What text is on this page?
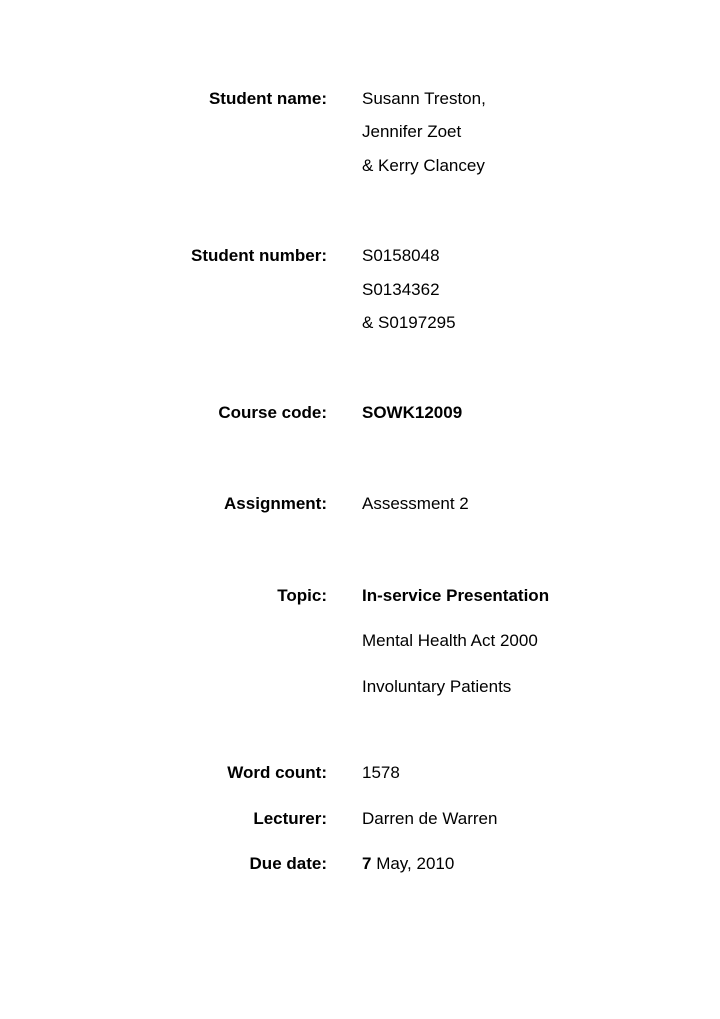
Student name: Susann Treston,
Jennifer Zoet
& Kerry Clancey
Student number: S0158048
S0134362
& S0197295
Course code: SOWK12009
Assignment: Assessment 2
Topic: In-service Presentation
Mental Health Act 2000
Involuntary Patients
Word count: 1578
Lecturer: Darren de Warren
Due date: 7 May, 2010
